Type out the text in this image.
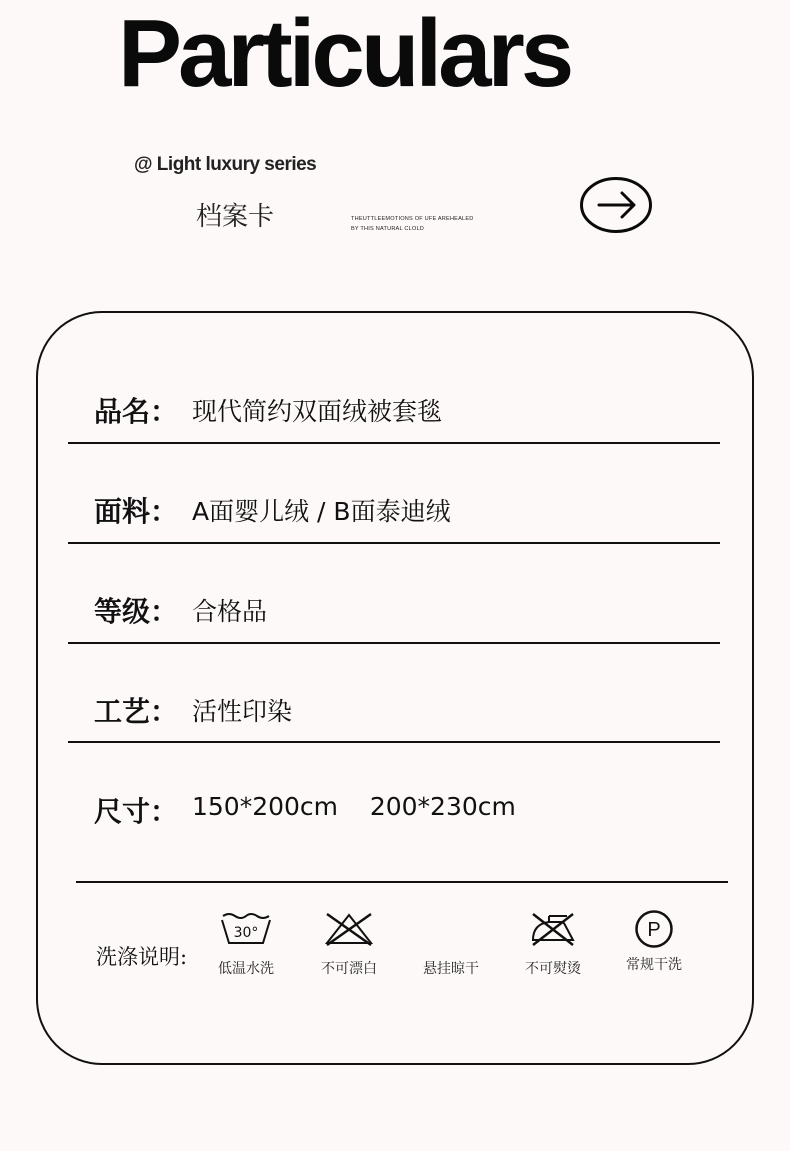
Particulars
@ Light luxury series
档案卡	THEUTTLEEMOTIONS OF UFE AREHEALED
BY THIS NATURAL CLOLD
品名： 现代简约双面绒被套毯
面料： A面婴儿绒 / B面泰迪绒
等级： 合格品
工艺： 活性印染
尺寸： 150*200cm    200*230cm
洗涤说明:
30°
低温水洗	不可漂白	悬挂晾干	不可熨烫
P
常规干洗
